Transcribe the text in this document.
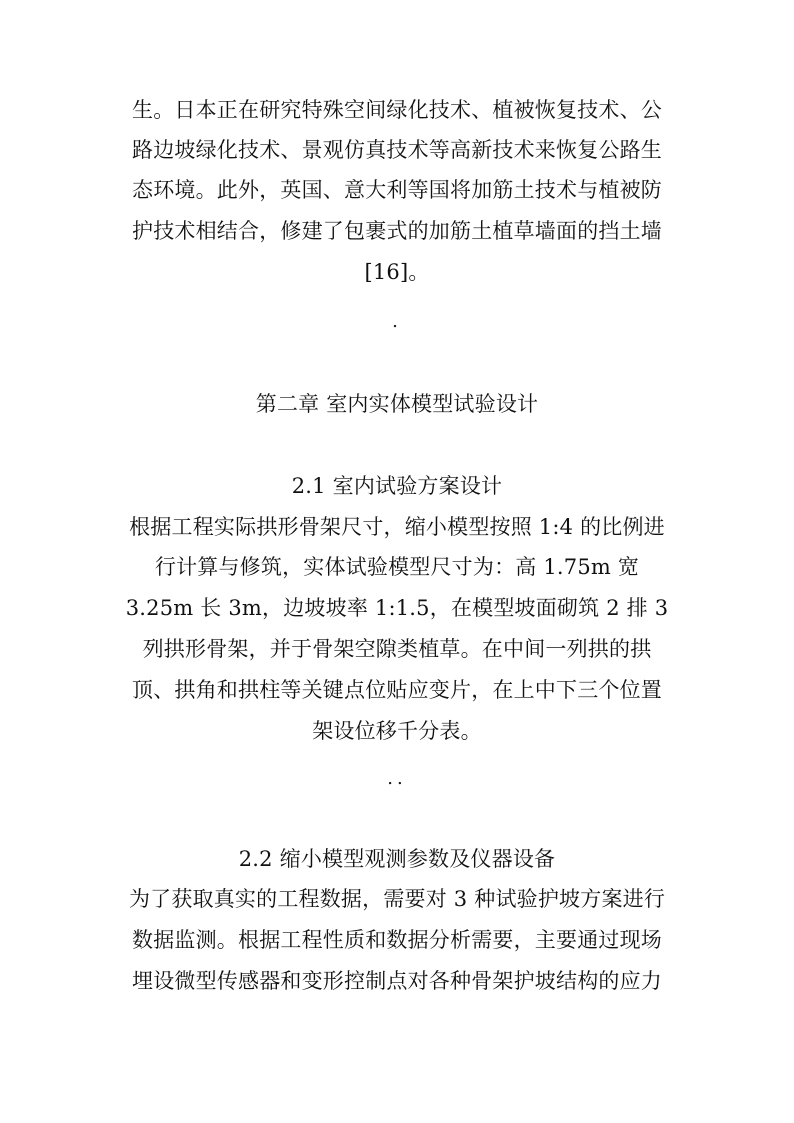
生。日本正在研究特殊空间绿化技术、植被恢复技术、公
路边坡绿化技术、景观仿真技术等高新技术来恢复公路生
态环境。此外，英国、意大利等国将加筋土技术与植被防
护技术相结合，修建了包裹式的加筋土植草墙面的挡土墙
[16]。
.
第二章 室内实体模型试验设计
2.1 室内试验方案设计
根据工程实际拱形骨架尺寸，缩小模型按照 1:4 的比例进
行计算与修筑，实体试验模型尺寸为：高 1.75m 宽
3.25m 长 3m，边坡坡率 1:1.5，在模型坡面砌筑 2 排 3
列拱形骨架，并于骨架空隙类植草。在中间一列拱的拱
顶、拱角和拱柱等关键点位贴应变片，在上中下三个位置
架设位移千分表。
..
2.2 缩小模型观测参数及仪器设备
为了获取真实的工程数据，需要对 3 种试验护坡方案进行
数据监测。根据工程性质和数据分析需要，主要通过现场
埋设微型传感器和变形控制点对各种骨架护坡结构的应力
